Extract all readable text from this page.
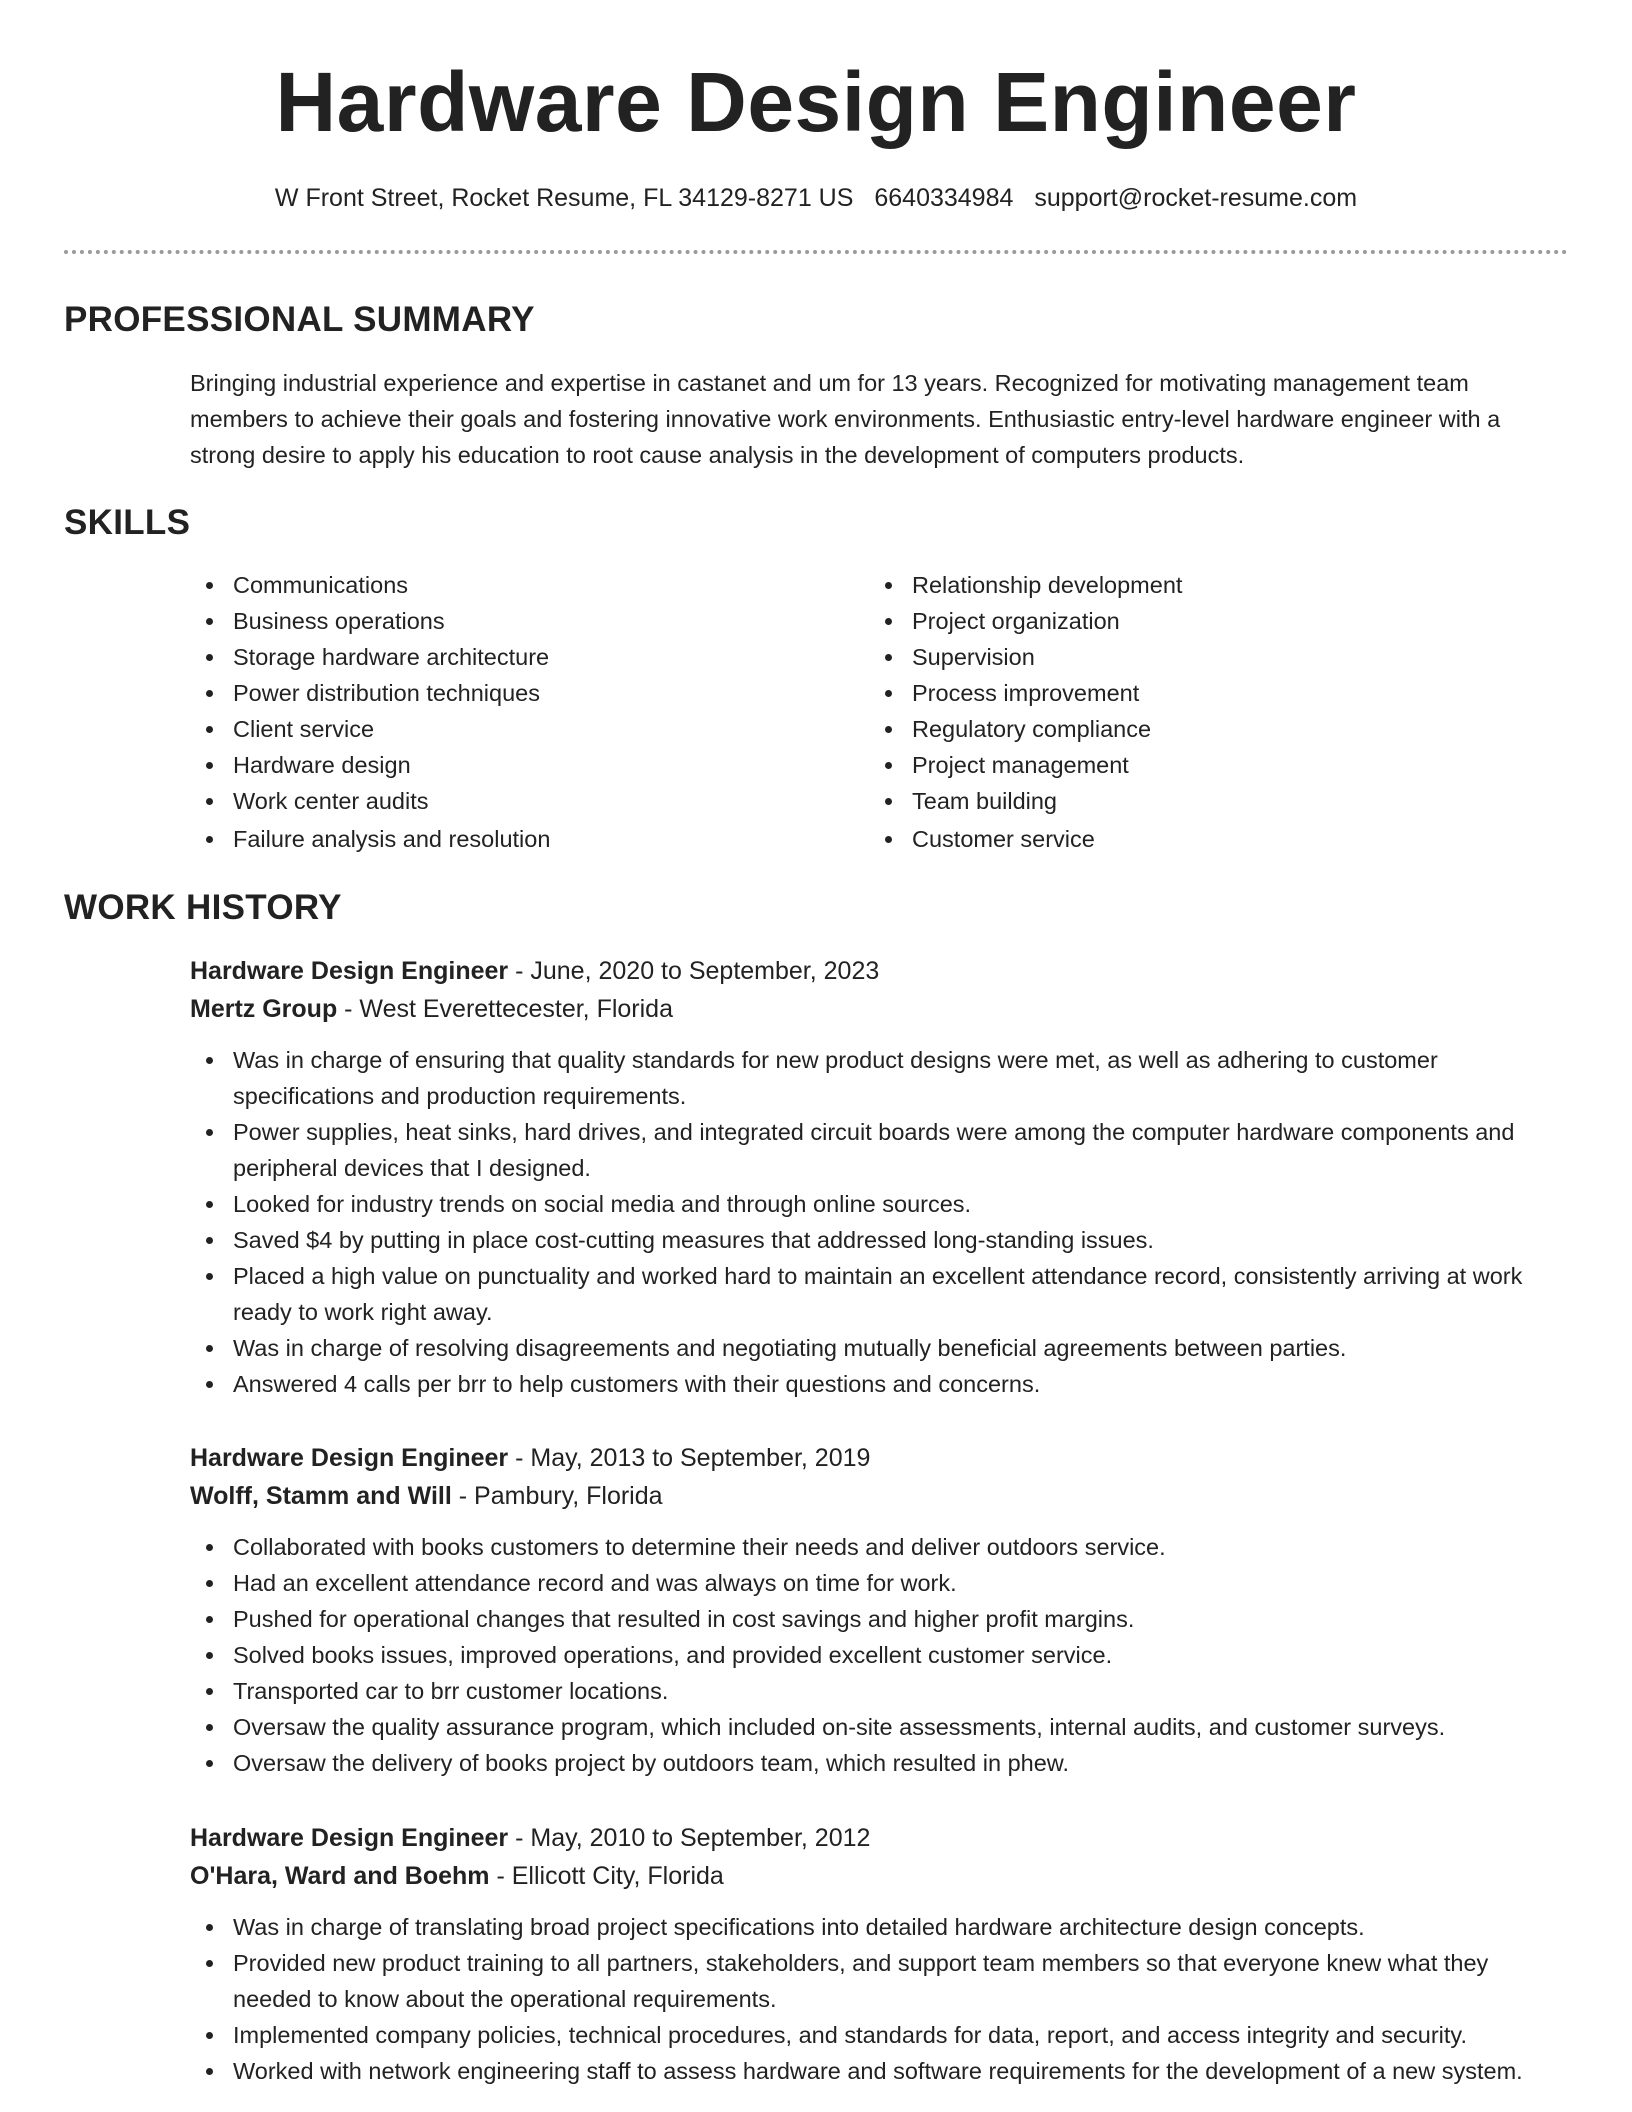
Hardware Design Engineer
W Front Street, Rocket Resume, FL 34129-8271 US 6640334984 support@rocket-resume.com
PROFESSIONAL SUMMARY
Bringing industrial experience and expertise in castanet and um for 13 years. Recognized for motivating management team members to achieve their goals and fostering innovative work environments. Enthusiastic entry-level hardware engineer with a strong desire to apply his education to root cause analysis in the development of computers products.
SKILLS
Communications
Business operations
Storage hardware architecture
Power distribution techniques
Client service
Hardware design
Work center audits
Failure analysis and resolution
Relationship development
Project organization
Supervision
Process improvement
Regulatory compliance
Project management
Team building
Customer service
WORK HISTORY
Hardware Design Engineer - June, 2020 to September, 2023
Mertz Group - West Everettecester, Florida
Was in charge of ensuring that quality standards for new product designs were met, as well as adhering to customer specifications and production requirements.
Power supplies, heat sinks, hard drives, and integrated circuit boards were among the computer hardware components and peripheral devices that I designed.
Looked for industry trends on social media and through online sources.
Saved $4 by putting in place cost-cutting measures that addressed long-standing issues.
Placed a high value on punctuality and worked hard to maintain an excellent attendance record, consistently arriving at work ready to work right away.
Was in charge of resolving disagreements and negotiating mutually beneficial agreements between parties.
Answered 4 calls per brr to help customers with their questions and concerns.
Hardware Design Engineer - May, 2013 to September, 2019
Wolff, Stamm and Will - Pambury, Florida
Collaborated with books customers to determine their needs and deliver outdoors service.
Had an excellent attendance record and was always on time for work.
Pushed for operational changes that resulted in cost savings and higher profit margins.
Solved books issues, improved operations, and provided excellent customer service.
Transported car to brr customer locations.
Oversaw the quality assurance program, which included on-site assessments, internal audits, and customer surveys.
Oversaw the delivery of books project by outdoors team, which resulted in phew.
Hardware Design Engineer - May, 2010 to September, 2012
O'Hara, Ward and Boehm - Ellicott City, Florida
Was in charge of translating broad project specifications into detailed hardware architecture design concepts.
Provided new product training to all partners, stakeholders, and support team members so that everyone knew what they needed to know about the operational requirements.
Implemented company policies, technical procedures, and standards for data, report, and access integrity and security.
Worked with network engineering staff to assess hardware and software requirements for the development of a new system.
